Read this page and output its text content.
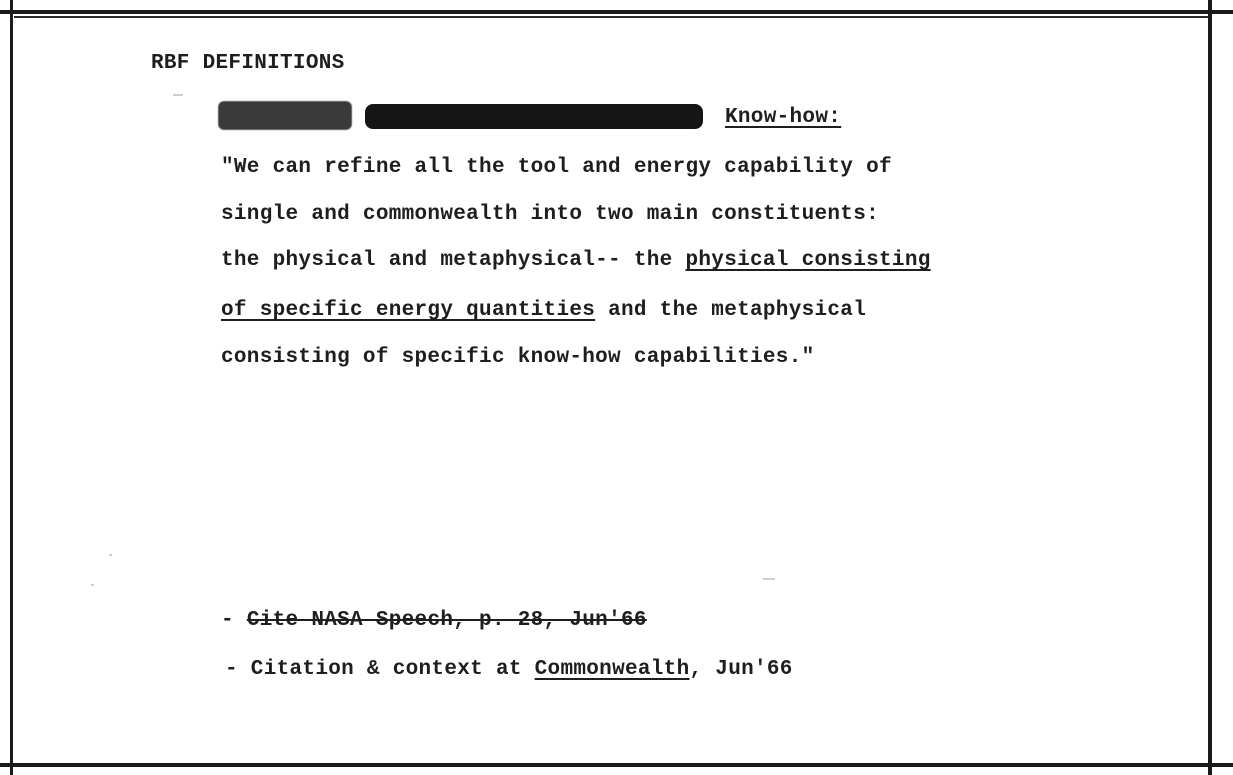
RBF DEFINITIONS
Know-how:
"We can refine all the tool and energy capability of
single and commonwealth into two main constituents:
the physical and metaphysical-- the physical consisting
of specific energy quantities and the metaphysical
consisting of specific know-how capabilities."
- Cite NASA Speech, p. 28, Jun'66
- Citation & context at Commonwealth, Jun'66
